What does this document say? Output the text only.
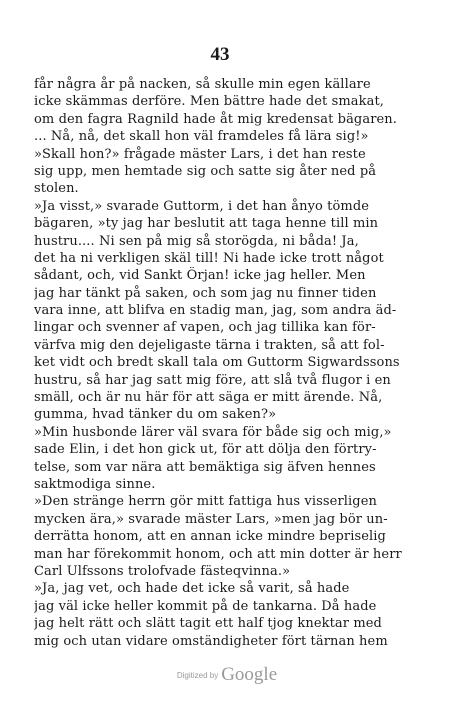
43
får några år på nacken, så skulle min egen källare
icke skämmas derföre. Men bättre hade det smakat,
om den fagra Ragnild hade åt mig kredensat bägaren.
... Nå, nå, det skall hon väl framdeles få lära sig!»
»Skall hon?» frågade mäster Lars, i det han reste
sig upp, men hemtade sig och satte sig åter ned på
stolen.
»Ja visst,» svarade Guttorm, i det han ånyo tömde
bägaren, »ty jag har beslutit att taga henne till min
hustru.... Ni sen på mig så storögda, ni båda! Ja,
det ha ni verkligen skäl till! Ni hade icke trott något
sådant, och, vid Sankt Örjan! icke jag heller. Men
jag har tänkt på saken, och som jag nu finner tiden
vara inne, att blifva en stadig man, jag, som andra äd-
lingar och svenner af vapen, och jag tillika kan för-
värfva mig den dejeligaste tärna i trakten, så att fol-
ket vidt och bredt skall tala om Guttorm Sigwardssons
hustru, så har jag satt mig före, att slå två flugor i en
smäll, och är nu här för att säga er mitt ärende. Nå,
gumma, hvad tänker du om saken?»
»Min husbonde lärer väl svara för både sig och mig,»
sade Elin, i det hon gick ut, för att dölja den förtry-
telse, som var nära att bemäktiga sig äfven hennes
saktmodiga sinne.
»Den stränge herrn gör mitt fattiga hus visserligen
mycken ära,» svarade mäster Lars, »men jag bör un-
derrätta honom, att en annan icke mindre bepriselig
man har förekommit honom, och att min dotter är herr
Carl Ulfssons trolofvade fästeqvinna.»
»Ja, jag vet, och hade det icke så varit, så hade
jag väl icke heller kommit på de tankarna. Då hade
jag helt rätt och slätt tagit ett half tjog knektar med
mig och utan vidare omständigheter fört tärnan hem
Digitized by Google
